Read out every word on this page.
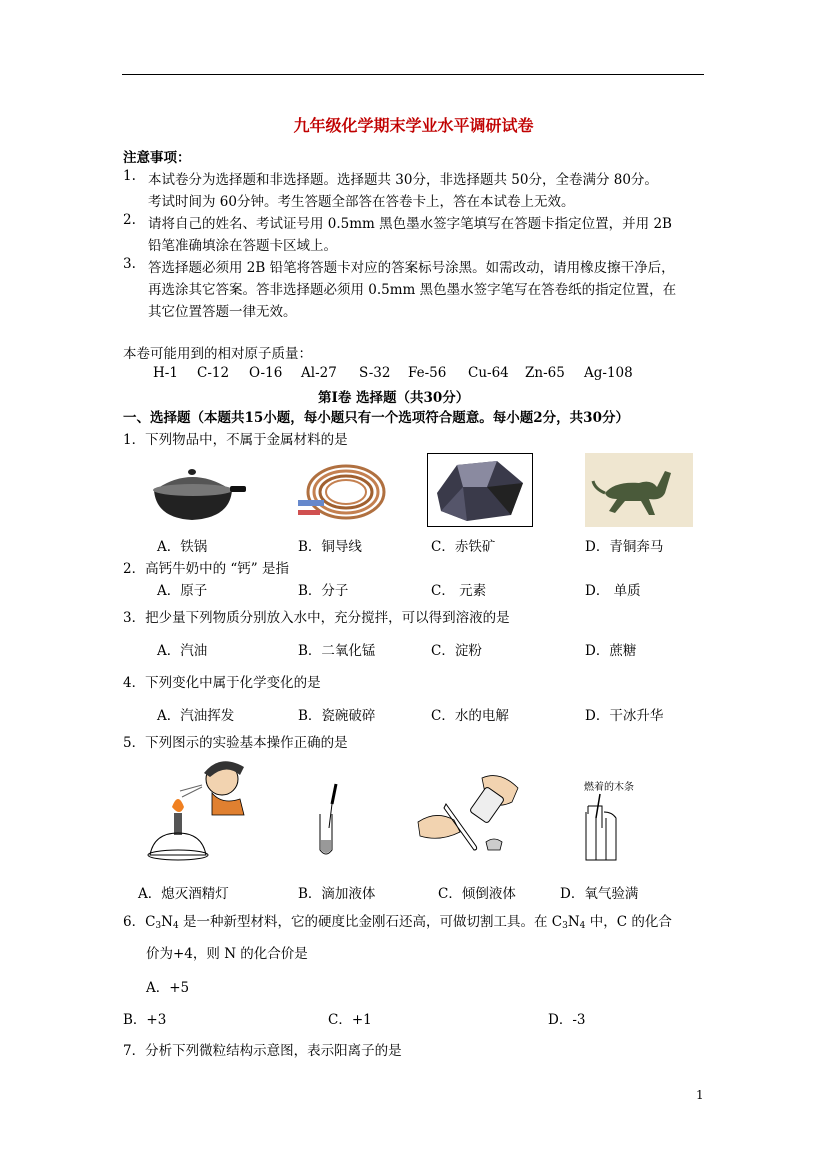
九年级化学期末学业水平调研试卷
注意事项：
1. 本试卷分为选择题和非选择题。选择题共 30分，非选择题共 50分，全卷满分 80分。
考试时间为 60分钟。考生答题全部答在答卷卡上，答在本试卷上无效。
2. 请将自己的姓名、考试证号用 0.5mm 黑色墨水签字笔填写在答题卡指定位置，并用 2B
铅笔准确填涂在答题卡区域上。
3. 答选择题必须用 2B 铅笔将答题卡对应的答案标号涂黑。如需改动，请用橡皮擦干净后，
再选涂其它答案。答非选择题必须用 0.5mm 黑色墨水签字笔写在答卷纸的指定位置，在
其它位置答题一律无效。
本卷可能用到的相对原子质量：
H-1 C-12 O-16 Al-27 S-32 Fe-56 Cu-64 Zn-65 Ag-108
第Ⅰ卷 选择题（共30分）
一、选择题（本题共15小题，每小题只有一个选项符合题意。每小题2分，共30分）
1．下列物品中，不属于金属材料的是
A．铁锅	B．铜导线	C．赤铁矿	D．青铜奔马
2．高钙牛奶中的 “钙” 是指
A．原子	B．分子	C． 元素	D． 单质
3．把少量下列物质分别放入水中，充分搅拌，可以得到溶液的是
A．汽油	B．二氧化锰	C．淀粉	D．蔗糖
4．下列变化中属于化学变化的是
A．汽油挥发	B．瓷碗破碎	C．水的电解	D．干冰升华
5．下列图示的实验基本操作正确的是
燃着的木条
A．熄灭酒精灯	B．滴加液体	C．倾倒液体	D．氧气验满
6．$C_3N_4$ 是一种新型材料，它的硬度比金刚石还高，可做切割工具。在 $C_3N_4$ 中，C 的化合
价为+4，则 N 的化合价是
A．+5
B．+3	C．+1	D．-3
7．分析下列微粒结构示意图，表示阳离子的是
1
